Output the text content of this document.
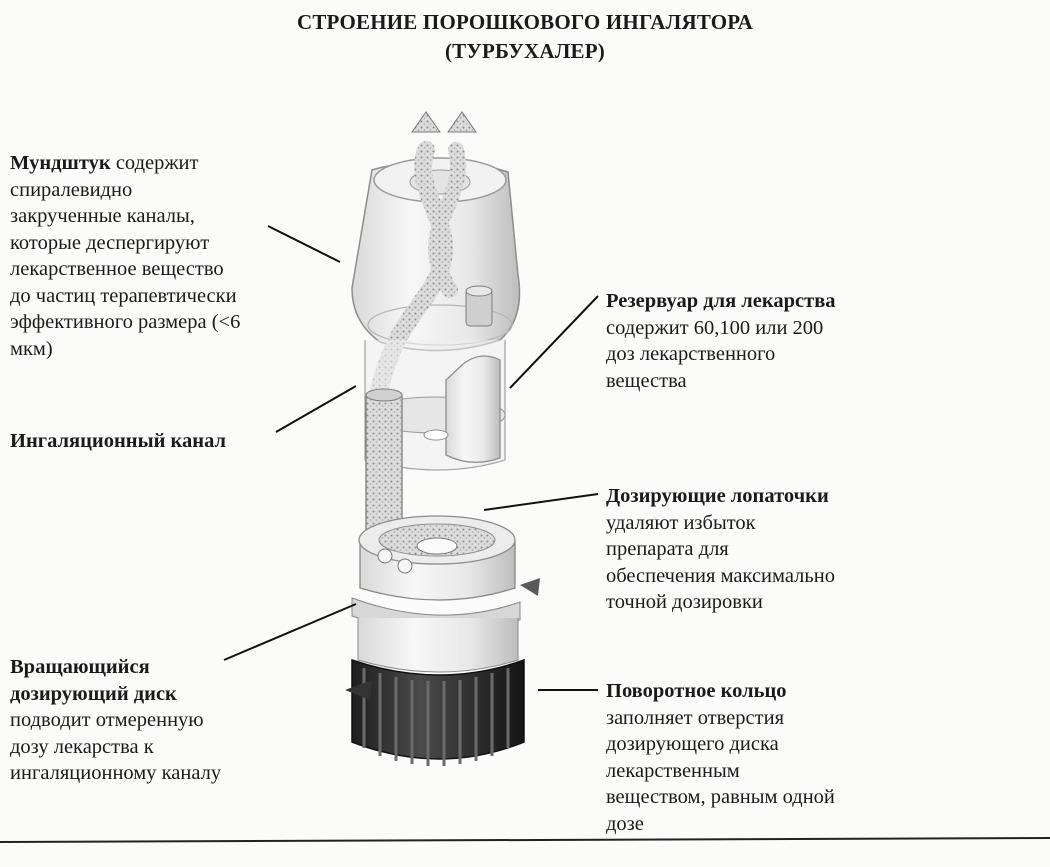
СТРОЕНИЕ ПОРОШКОВОГО ИНГАЛЯТОРА
(ТУРБУХАЛЕР)
Мундштук содержит
спиралевидно
закрученные каналы,
которые деспергируют
лекарственное вещество
до частиц терапевтически
эффективного размера (<6
мкм)
Ингаляционный канал
Резервуар для лекарства
содержит 60,100 или 200
доз лекарственного
вещества
Дозирующие лопаточки
удаляют избыток
препарата для
обеспечения максимально
точной дозировки
Вращающийся
дозирующий диск
подводит отмеренную
дозу лекарства к
ингаляционному каналу
Поворотное кольцо
заполняет отверстия
дозирующего диска
лекарственным
веществом, равным одной
дозе
